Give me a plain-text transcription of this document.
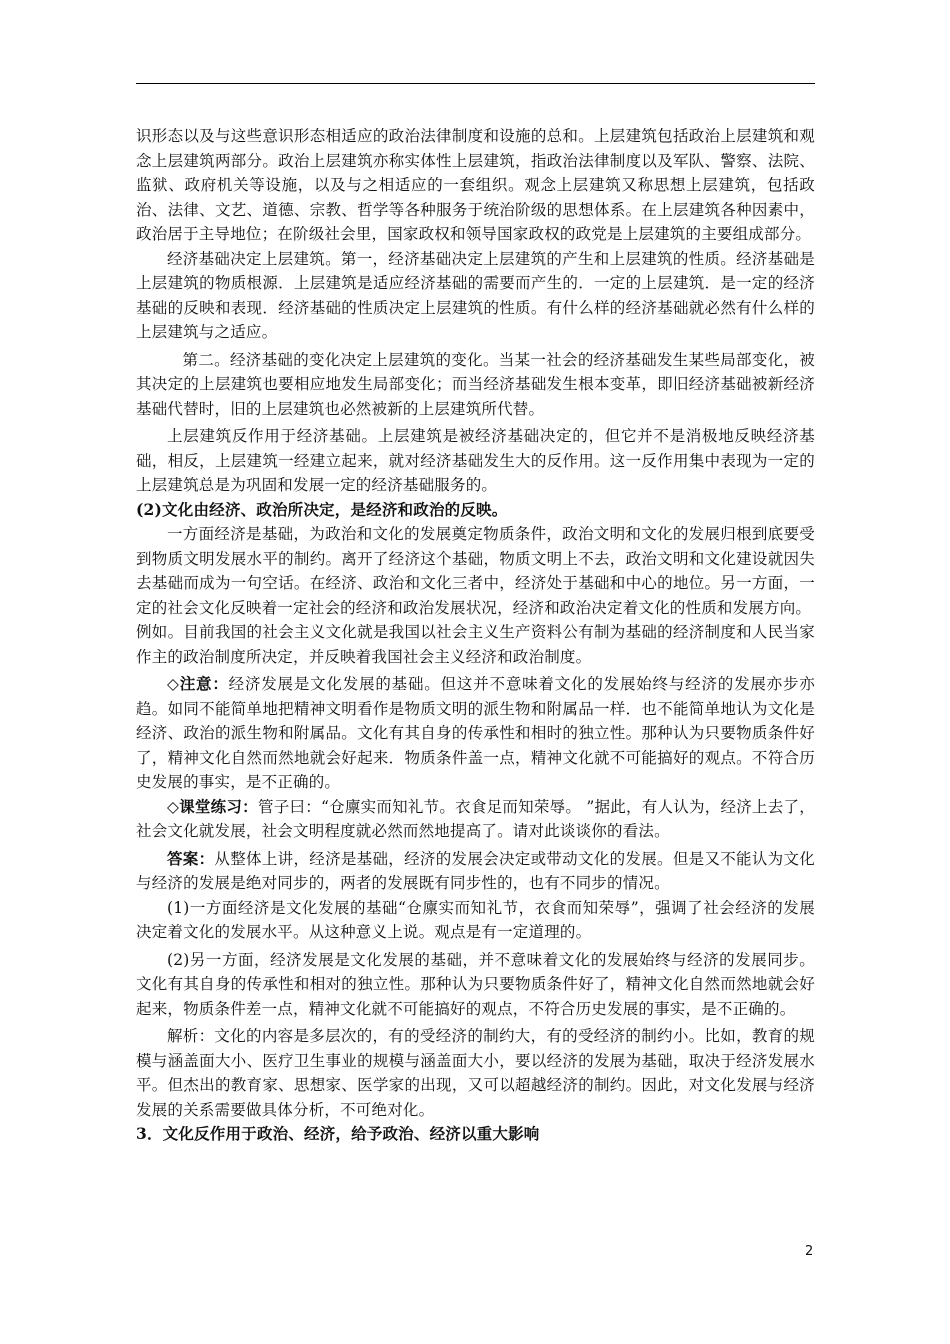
识形态以及与这些意识形态相适应的政治法律制度和设施的总和。上层建筑包括政治上层建筑和观念上层建筑两部分。政治上层建筑亦称实体性上层建筑，指政治法律制度以及军队、警察、法院、监狱、政府机关等设施，以及与之相适应的一套组织。观念上层建筑又称思想上层建筑，包括政治、法律、文艺、道德、宗教、哲学等各种服务于统治阶级的思想体系。在上层建筑各种因素中，政治居于主导地位；在阶级社会里，国家政权和领导国家政权的政党是上层建筑的主要组成部分。

经济基础决定上层建筑。第一，经济基础决定上层建筑的产生和上层建筑的性质。经济基础是上层建筑的物质根源．上层建筑是适应经济基础的需要而产生的．一定的上层建筑．是一定的经济基础的反映和表现．经济基础的性质决定上层建筑的性质。有什么样的经济基础就必然有什么样的上层建筑与之适应。

第二。经济基础的变化决定上层建筑的变化。当某一社会的经济基础发生某些局部变化，被其决定的上层建筑也要相应地发生局部变化；而当经济基础发生根本变革，即旧经济基础被新经济基础代替时，旧的上层建筑也必然被新的上层建筑所代替。

上层建筑反作用于经济基础。上层建筑是被经济基础决定的，但它并不是消极地反映经济基础，相反，上层建筑一经建立起来，就对经济基础发生大的反作用。这一反作用集中表现为一定的上层建筑总是为巩固和发展一定的经济基础服务的。

(2)文化由经济、政治所决定，是经济和政治的反映。

一方面经济是基础，为政治和文化的发展奠定物质条件，政治文明和文化的发展归根到底要受到物质文明发展水平的制约。离开了经济这个基础，物质文明上不去，政治文明和文化建设就因失去基础而成为一句空话。在经济、政治和文化三者中，经济处于基础和中心的地位。另一方面，一定的社会文化反映着一定社会的经济和政治发展状况，经济和政治决定着文化的性质和发展方向。

例如。目前我国的社会主义文化就是我国以社会主义生产资料公有制为基础的经济制度和人民当家作主的政治制度所决定，并反映着我国社会主义经济和政治制度。

◇注意：经济发展是文化发展的基础。但这并不意味着文化的发展始终与经济的发展亦步亦趋。如同不能简单地把精神文明看作是物质文明的派生物和附属品一样．也不能简单地认为文化是经济、政治的派生物和附属品。文化有其自身的传承性和相时的独立性。那种认为只要物质条件好了，精神文化自然而然地就会好起来．物质条件盖一点，精神文化就不可能搞好的观点。不符合历史发展的事实，是不正确的。

◇课堂练习：管子曰：“仓廪实而知礼节。衣食足而知荣辱。 ”据此，有人认为，经济上去了，社会文化就发展，社会文明程度就必然而然地提高了。请对此谈谈你的看法。

答案：从整体上讲，经济是基础，经济的发展会决定或带动文化的发展。但是又不能认为文化与经济的发展是绝对同步的，两者的发展既有同步性的，也有不同步的情况。

(1)一方面经济是文化发展的基础“仓廪实而知礼节，衣食而知荣辱”，强调了社会经济的发展决定着文化的发展水平。从这种意义上说。观点是有一定道理的。

(2)另一方面，经济发展是文化发展的基础，并不意味着文化的发展始终与经济的发展同步。文化有其自身的传承性和相对的独立性。那种认为只要物质条件好了，精神文化自然而然地就会好起来，物质条件差一点，精神文化就不可能搞好的观点，不符合历史发展的事实，是不正确的。

解析：文化的内容是多层次的，有的受经济的制约大，有的受经济的制约小。比如，教育的规模与涵盖面大小、医疗卫生事业的规模与涵盖面大小，要以经济的发展为基础，取决于经济发展水平。但杰出的教育家、思想家、医学家的出现，又可以超越经济的制约。因此，对文化发展与经济发展的关系需要做具体分析，不可绝对化。

3．文化反作用于政治、经济，给予政治、经济以重大影响

2
